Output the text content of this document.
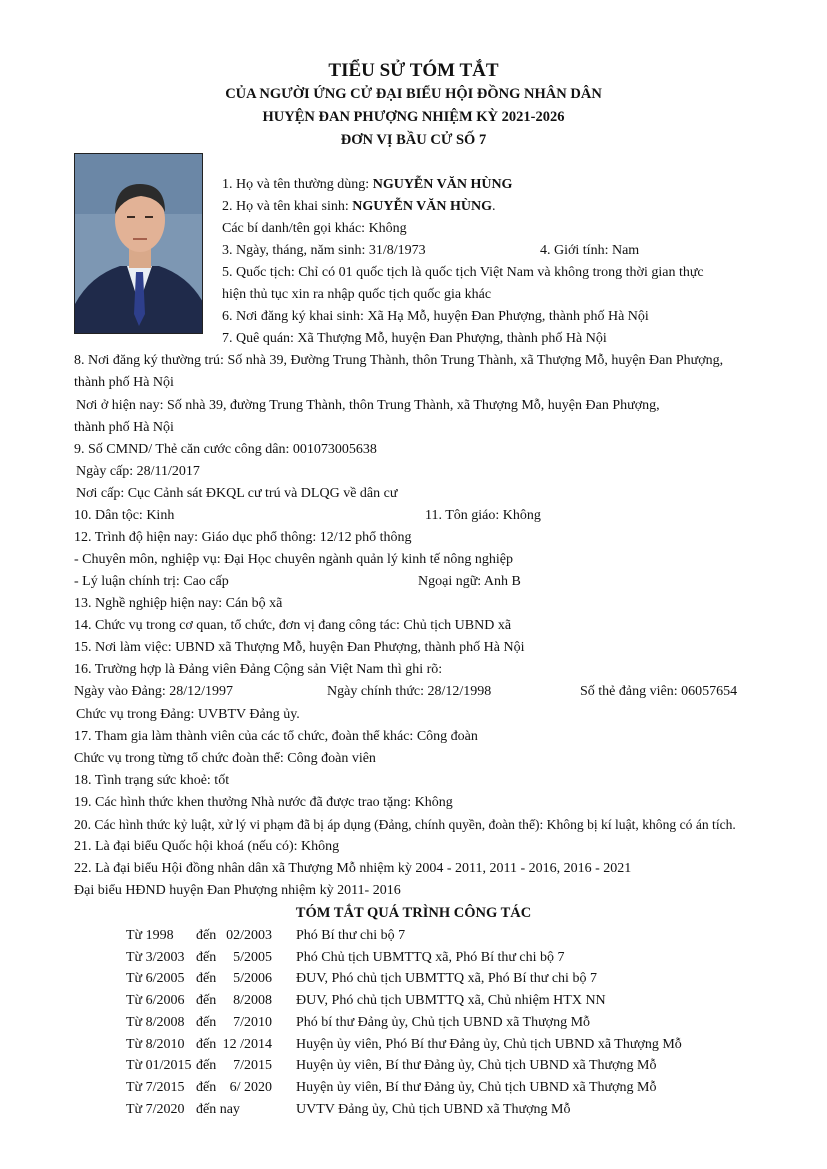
TIỂU SỬ TÓM TẮT
CỦA NGƯỜI ỨNG CỬ ĐẠI BIỂU HỘI ĐỒNG NHÂN DÂN
HUYỆN ĐAN PHƯỢNG NHIỆM KỲ 2021-2026
ĐƠN VỊ BẦU CỬ SỐ 7
1. Họ và tên thường dùng: NGUYỄN VĂN HÙNG
2. Họ và tên khai sinh: NGUYỄN VĂN HÙNG.
Các bí danh/tên gọi khác: Không
3. Ngày, tháng, năm sinh: 31/8/1973	4. Giới tính: Nam
5. Quốc tịch: Chỉ có 01 quốc tịch là quốc tịch Việt Nam và không trong thời gian thực
hiện thủ tục xin ra nhập quốc tịch quốc gia khác
6. Nơi đăng ký khai sinh: Xã Hạ Mỗ, huyện Đan Phượng, thành phố Hà Nội
7. Quê quán: Xã Thượng Mỗ, huyện Đan Phượng, thành phố Hà Nội
8. Nơi đăng ký thường trú: Số nhà 39, Đường Trung Thành, thôn Trung Thành, xã Thượng Mỗ, huyện Đan Phượng,
thành phố Hà Nội
Nơi ở hiện nay: Số nhà 39, đường Trung Thành, thôn Trung Thành, xã Thượng Mỗ, huyện Đan Phượng,
thành phố Hà Nội
9. Số CMND/ Thẻ căn cước công dân: 001073005638
Ngày cấp: 28/11/2017
Nơi cấp: Cục Cảnh sát ĐKQL cư trú và DLQG về dân cư
10. Dân tộc: Kinh	11. Tôn giáo: Không
12. Trình độ hiện nay: Giáo dục phổ thông: 12/12 phổ thông
- Chuyên môn, nghiệp vụ: Đại Học chuyên ngành quản lý kinh tế nông nghiệp
- Lý luận chính trị: Cao cấp	Ngoại ngữ: Anh B
13. Nghề nghiệp hiện nay: Cán bộ xã
14. Chức vụ trong cơ quan, tổ chức, đơn vị đang công tác: Chủ tịch UBND xã
15. Nơi làm việc: UBND xã Thượng Mỗ, huyện Đan Phượng, thành phố Hà Nội
16. Trường hợp là Đảng viên Đảng Cộng sản Việt Nam thì ghi rõ:
Ngày vào Đảng: 28/12/1997	Ngày chính thức: 28/12/1998	Số thẻ đảng viên: 06057654
Chức vụ trong Đảng: UVBTV Đảng ủy.
17. Tham gia làm thành viên của các tổ chức, đoàn thể khác: Công đoàn
Chức vụ trong từng tổ chức đoàn thể: Công đoàn viên
18. Tình trạng sức khoẻ: tốt
19. Các hình thức khen thưởng Nhà nước đã được trao tặng: Không
20. Các hình thức kỷ luật, xử lý vi phạm đã bị áp dụng (Đảng, chính quyền, đoàn thể): Không bị kí luật, không có án tích.
21. Là đại biểu Quốc hội khoá (nếu có): Không
22. Là đại biểu Hội đồng nhân dân xã Thượng Mỗ nhiệm kỳ 2004 - 2011, 2011 - 2016, 2016 - 2021
Đại biểu HĐND huyện Đan Phượng nhiệm kỳ 2011- 2016
TÓM TẮT QUÁ TRÌNH CÔNG TÁC
Từ 1998 đến 02/2003 Phó Bí thư chi bộ 7
Từ 3/2003 đến	5/2005 Phó Chủ tịch UBMTTQ xã, Phó Bí thư chi bộ 7
Từ 6/2005 đến	5/2006 ĐUV, Phó chủ tịch UBMTTQ xã, Phó Bí thư chi bộ 7
Từ 6/2006 đến	8/2008 ĐUV, Phó chủ tịch UBMTTQ xã, Chủ nhiệm HTX NN
Từ 8/2008 đến	7/2010 Phó bí thư Đảng ủy, Chủ tịch UBND xã Thượng Mỗ
Từ 8/2010 đến 12 /2014 Huyện ủy viên, Phó Bí thư Đảng ủy, Chủ tịch UBND xã Thượng Mỗ
Từ 01/2015 đến	7/2015 Huyện ủy viên, Bí thư Đảng ủy, Chủ tịch UBND xã Thượng Mỗ
Từ 7/2015 đến 6/ 2020 Huyện ủy viên, Bí thư Đảng ủy, Chủ tịch UBND xã Thượng Mỗ
Từ 7/2020 đến nay	UVTV Đảng ủy, Chủ tịch UBND xã Thượng Mỗ
